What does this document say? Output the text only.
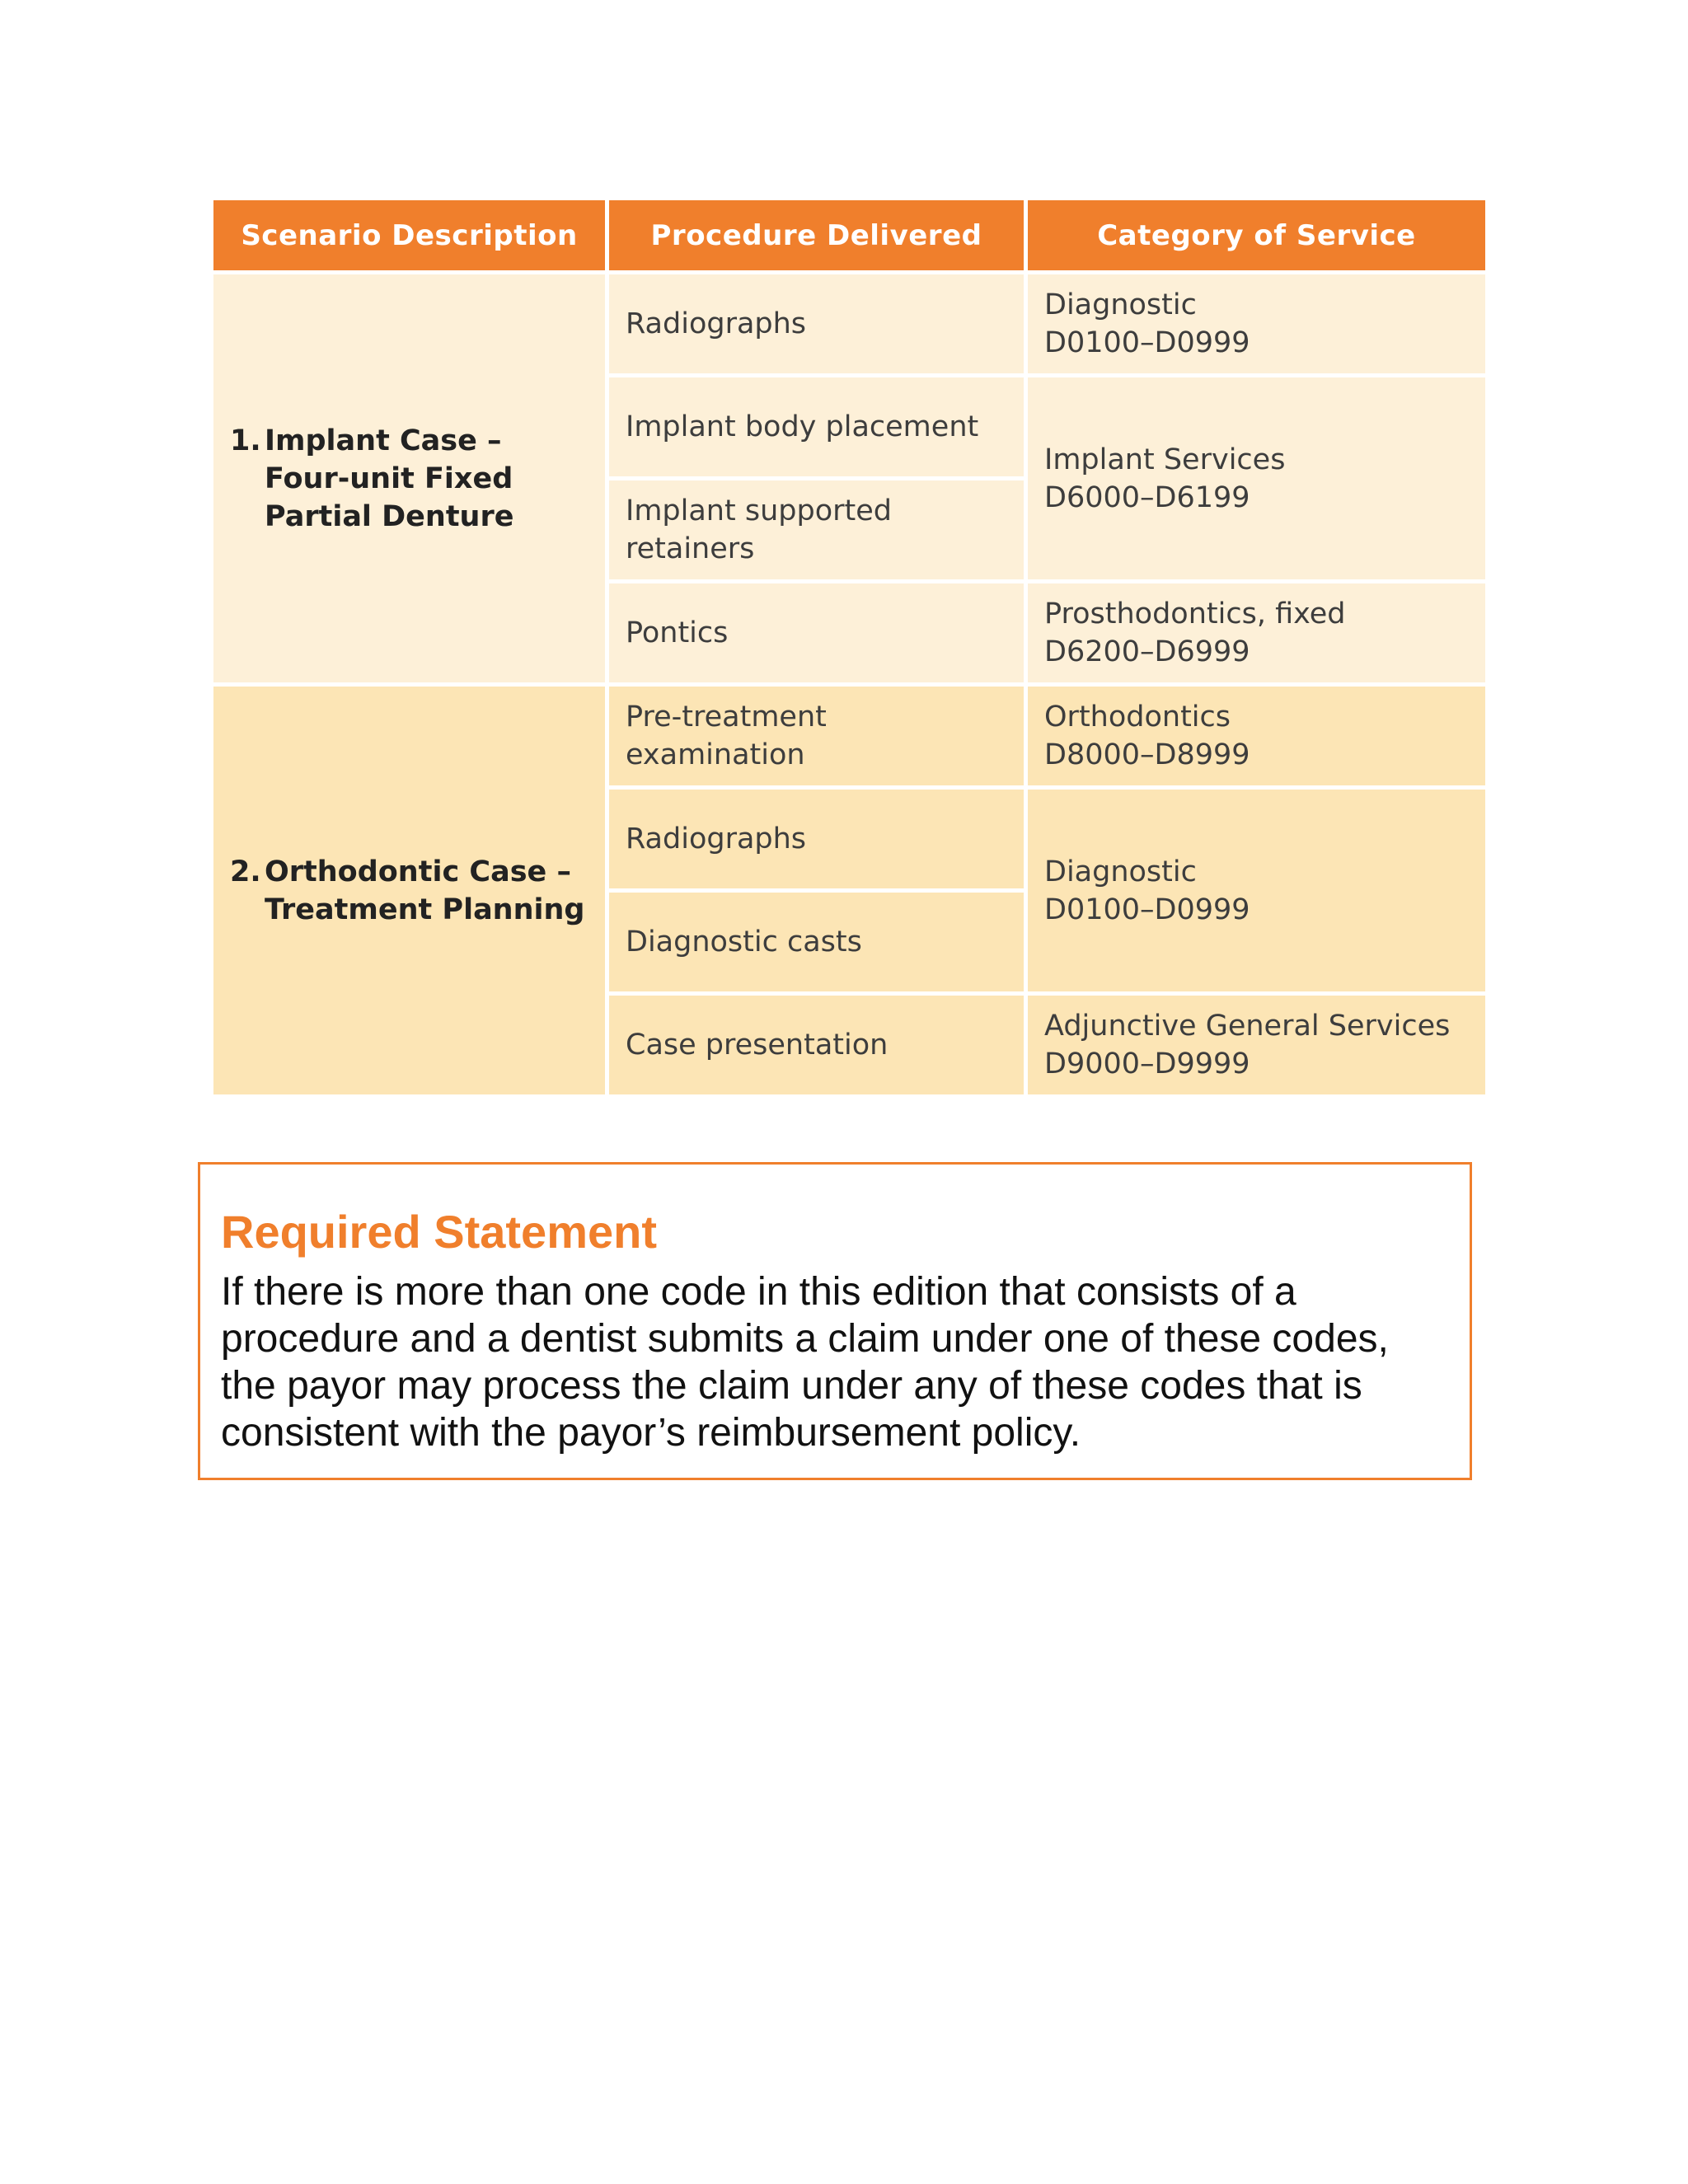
Scenario Description	Procedure Delivered	Category of Service

1. Implant Case –
Four-unit Fixed
Partial Denture	Radiographs	Diagnostic
D0100–D0999

	Implant body placement	Implant Services
D6000–D6199

	Implant supported retainers	
	Pontics	Prosthodontics, fixed
D6200–D6999

2. Orthodontic Case –
Treatment Planning	Pre-treatment examination	Orthodontics
D8000–D8999

	Radiographs	Diagnostic
D0100–D0999

	Diagnostic casts	
	Case presentation	Adjunctive General Services
D9000–D9999
Required Statement

If there is more than one code in this edition that consists of a procedure and a dentist submits a claim under one of these codes, the payor may process the claim under any of these codes that is consistent with the payor’s reimbursement policy.
